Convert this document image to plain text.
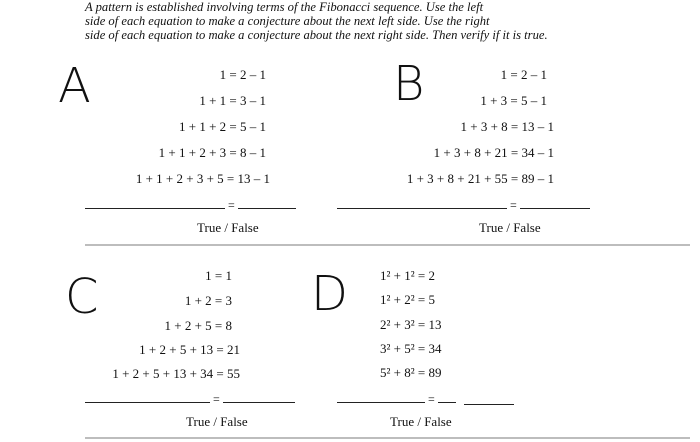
A pattern is established involving terms of the Fibonacci sequence. Use the left
side of each equation to make a conjecture about the next left side. Use the right
side of each equation to make a conjecture about the next right side. Then verify if it is true.
A	1 = 2 – 1
1 + 1 = 3 – 1
1 + 1 + 2 = 5 – 1
1 + 1 + 2 + 3 = 8 – 1
1 + 1 + 2 + 3 + 5 = 13 – 1
=
True / False
B	1 = 2 – 1
1 + 3 = 5 – 1
1 + 3 + 8 = 13 – 1
1 + 3 + 8 + 21 = 34 – 1
1 + 3 + 8 + 21 + 55 = 89 – 1
=
True / False
C	1 = 1
1 + 2 = 3
1 + 2 + 5 = 8
1 + 2 + 5 + 13 = 21
1 + 2 + 5 + 13 + 34 = 55
=
True / False
D 1² + 1² = 2
1² + 2² = 5
2² + 3² = 13
3² + 5² = 34
5² + 8² = 89
=
True / False
